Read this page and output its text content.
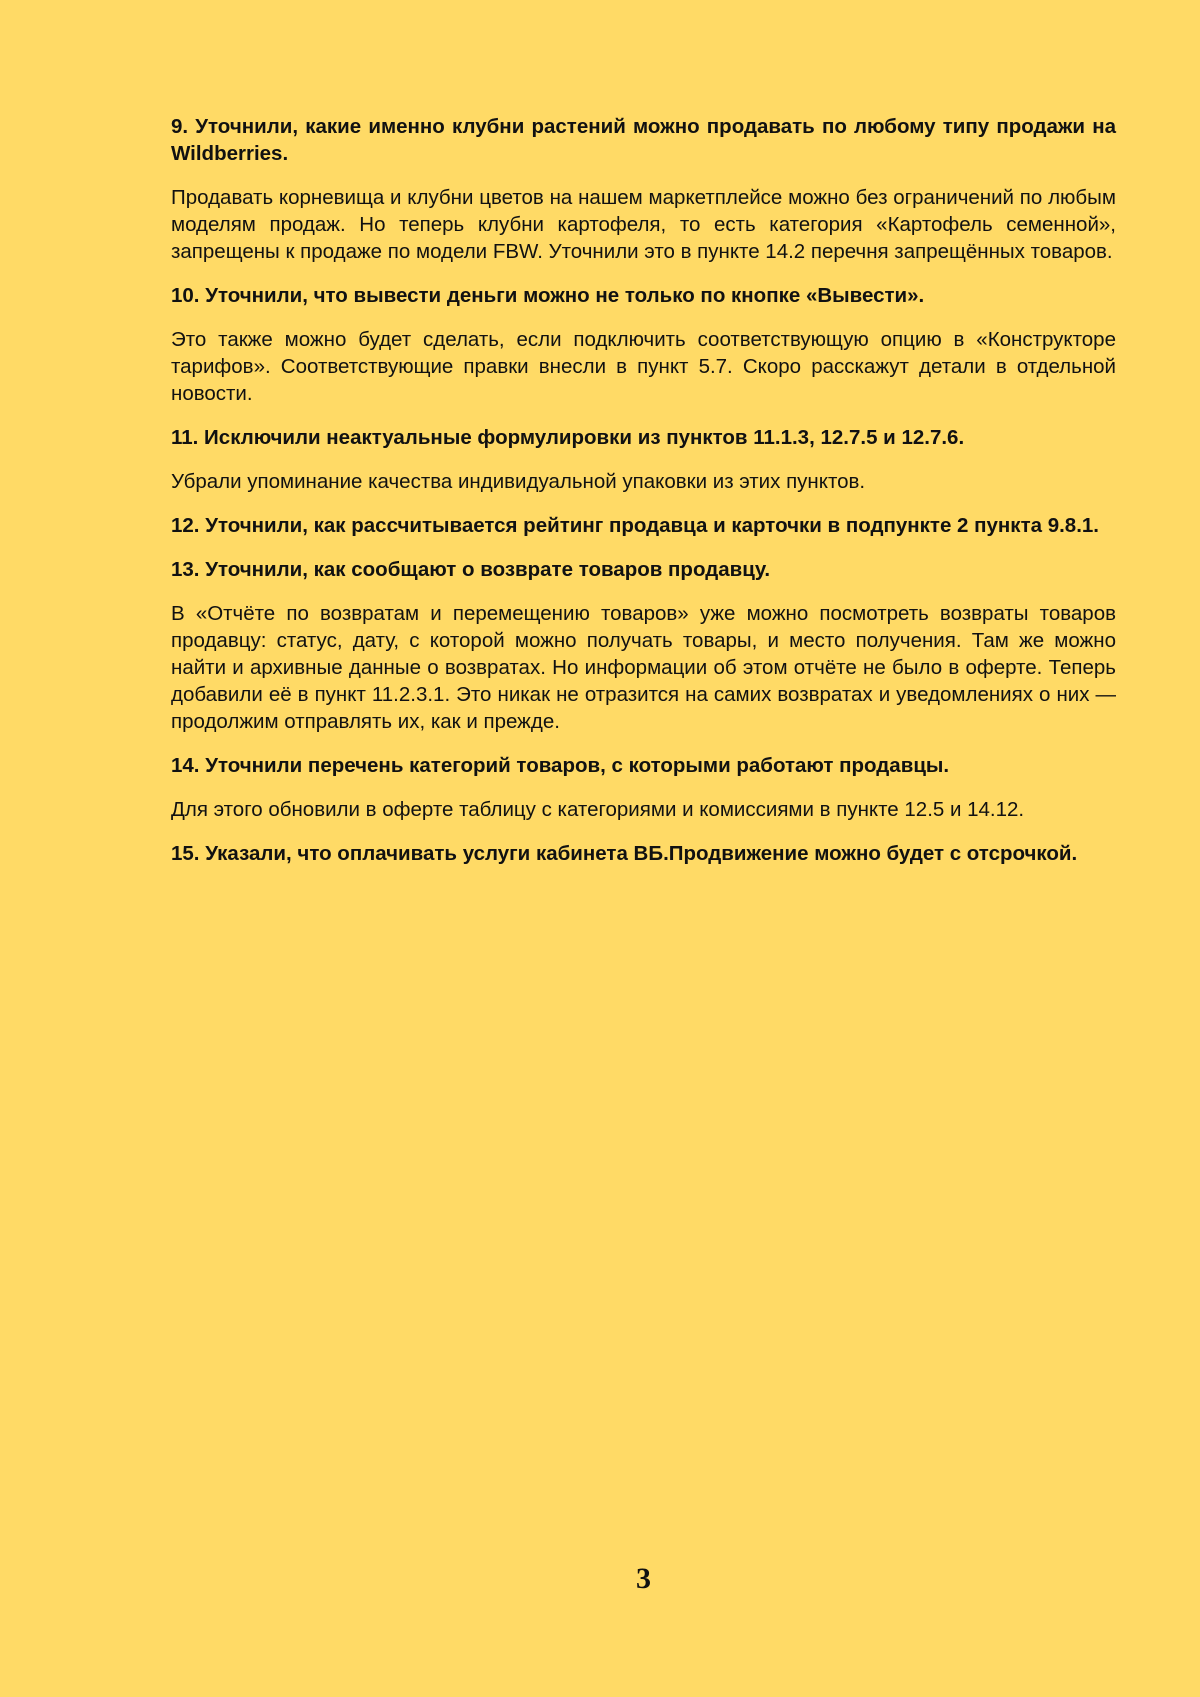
9. Уточнили, какие именно клубни растений можно продавать по любому типу продажи на Wildberries.

Продавать корневища и клубни цветов на нашем маркетплейсе можно без ограничений по любым моделям продаж. Но теперь клубни картофеля, то есть категория «Картофель семенной», запрещены к продаже по модели FBW. Уточнили это в пункте 14.2 перечня запрещённых товаров.

10. Уточнили, что вывести деньги можно не только по кнопке «Вывести».

Это также можно будет сделать, если подключить соответствующую опцию в «Конструкторе тарифов». Соответствующие правки внесли в пункт 5.7. Скоро расскажут детали в отдельной новости.

11. Исключили неактуальные формулировки из пунктов 11.1.3, 12.7.5 и 12.7.6.

Убрали упоминание качества индивидуальной упаковки из этих пунктов.

12. Уточнили, как рассчитывается рейтинг продавца и карточки в подпункте 2 пункта 9.8.1.

13. Уточнили, как сообщают о возврате товаров продавцу.

В «Отчёте по возвратам и перемещению товаров» уже можно посмотреть возвраты товаров продавцу: статус, дату, с которой можно получать товары, и место получения. Там же можно найти и архивные данные о возвратах. Но информации об этом отчёте не было в оферте. Теперь добавили её в пункт 11.2.3.1. Это никак не отразится на самих возвратах и уведомлениях о них — продолжим отправлять их, как и прежде.

14. Уточнили перечень категорий товаров, с которыми работают продавцы.

Для этого обновили в оферте таблицу с категориями и комиссиями в пункте 12.5 и 14.12.

15. Указали, что оплачивать услуги кабинета ВБ.Продвижение можно будет с отсрочкой.

3
